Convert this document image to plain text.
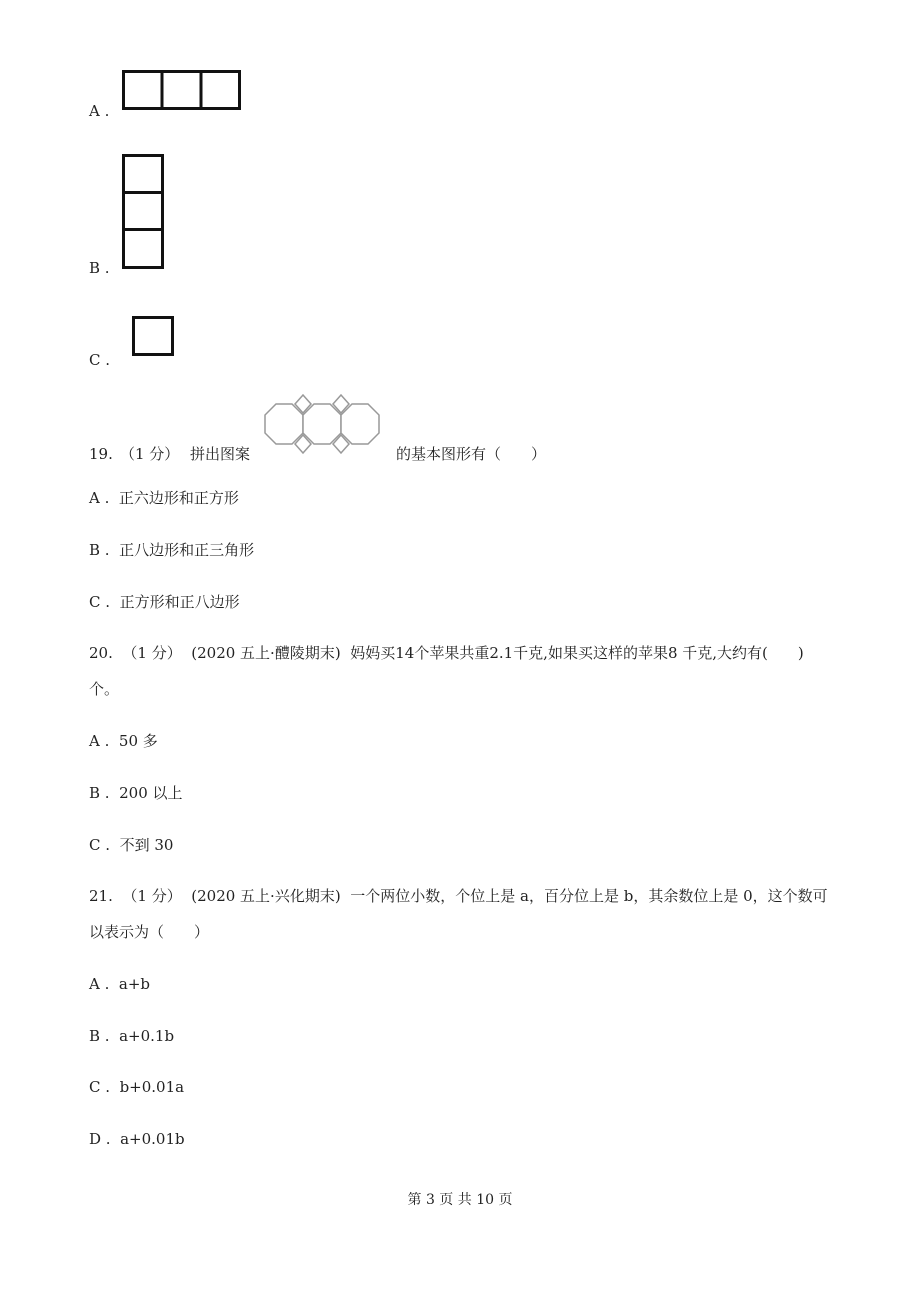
A .
B .
C .
19. （1 分） 拼出图案	的基本图形有（　　）
A . 正六边形和正方形
B . 正八边形和正三角形
C . 正方形和正八边形
20. （1 分） (2020 五上·醴陵期末) 妈妈买14个苹果共重2.1千克,如果买这样的苹果8 千克,大约有(　　)
个。
A . 50 多
B . 200 以上
C . 不到 30
21. （1 分） (2020 五上·兴化期末) 一个两位小数，个位上是 a，百分位上是 b，其余数位上是 0，这个数可
以表示为（　　）
A . a+b
B . a+0.1b
C . b+0.01a
D . a+0.01b
第 3 页 共 10 页
